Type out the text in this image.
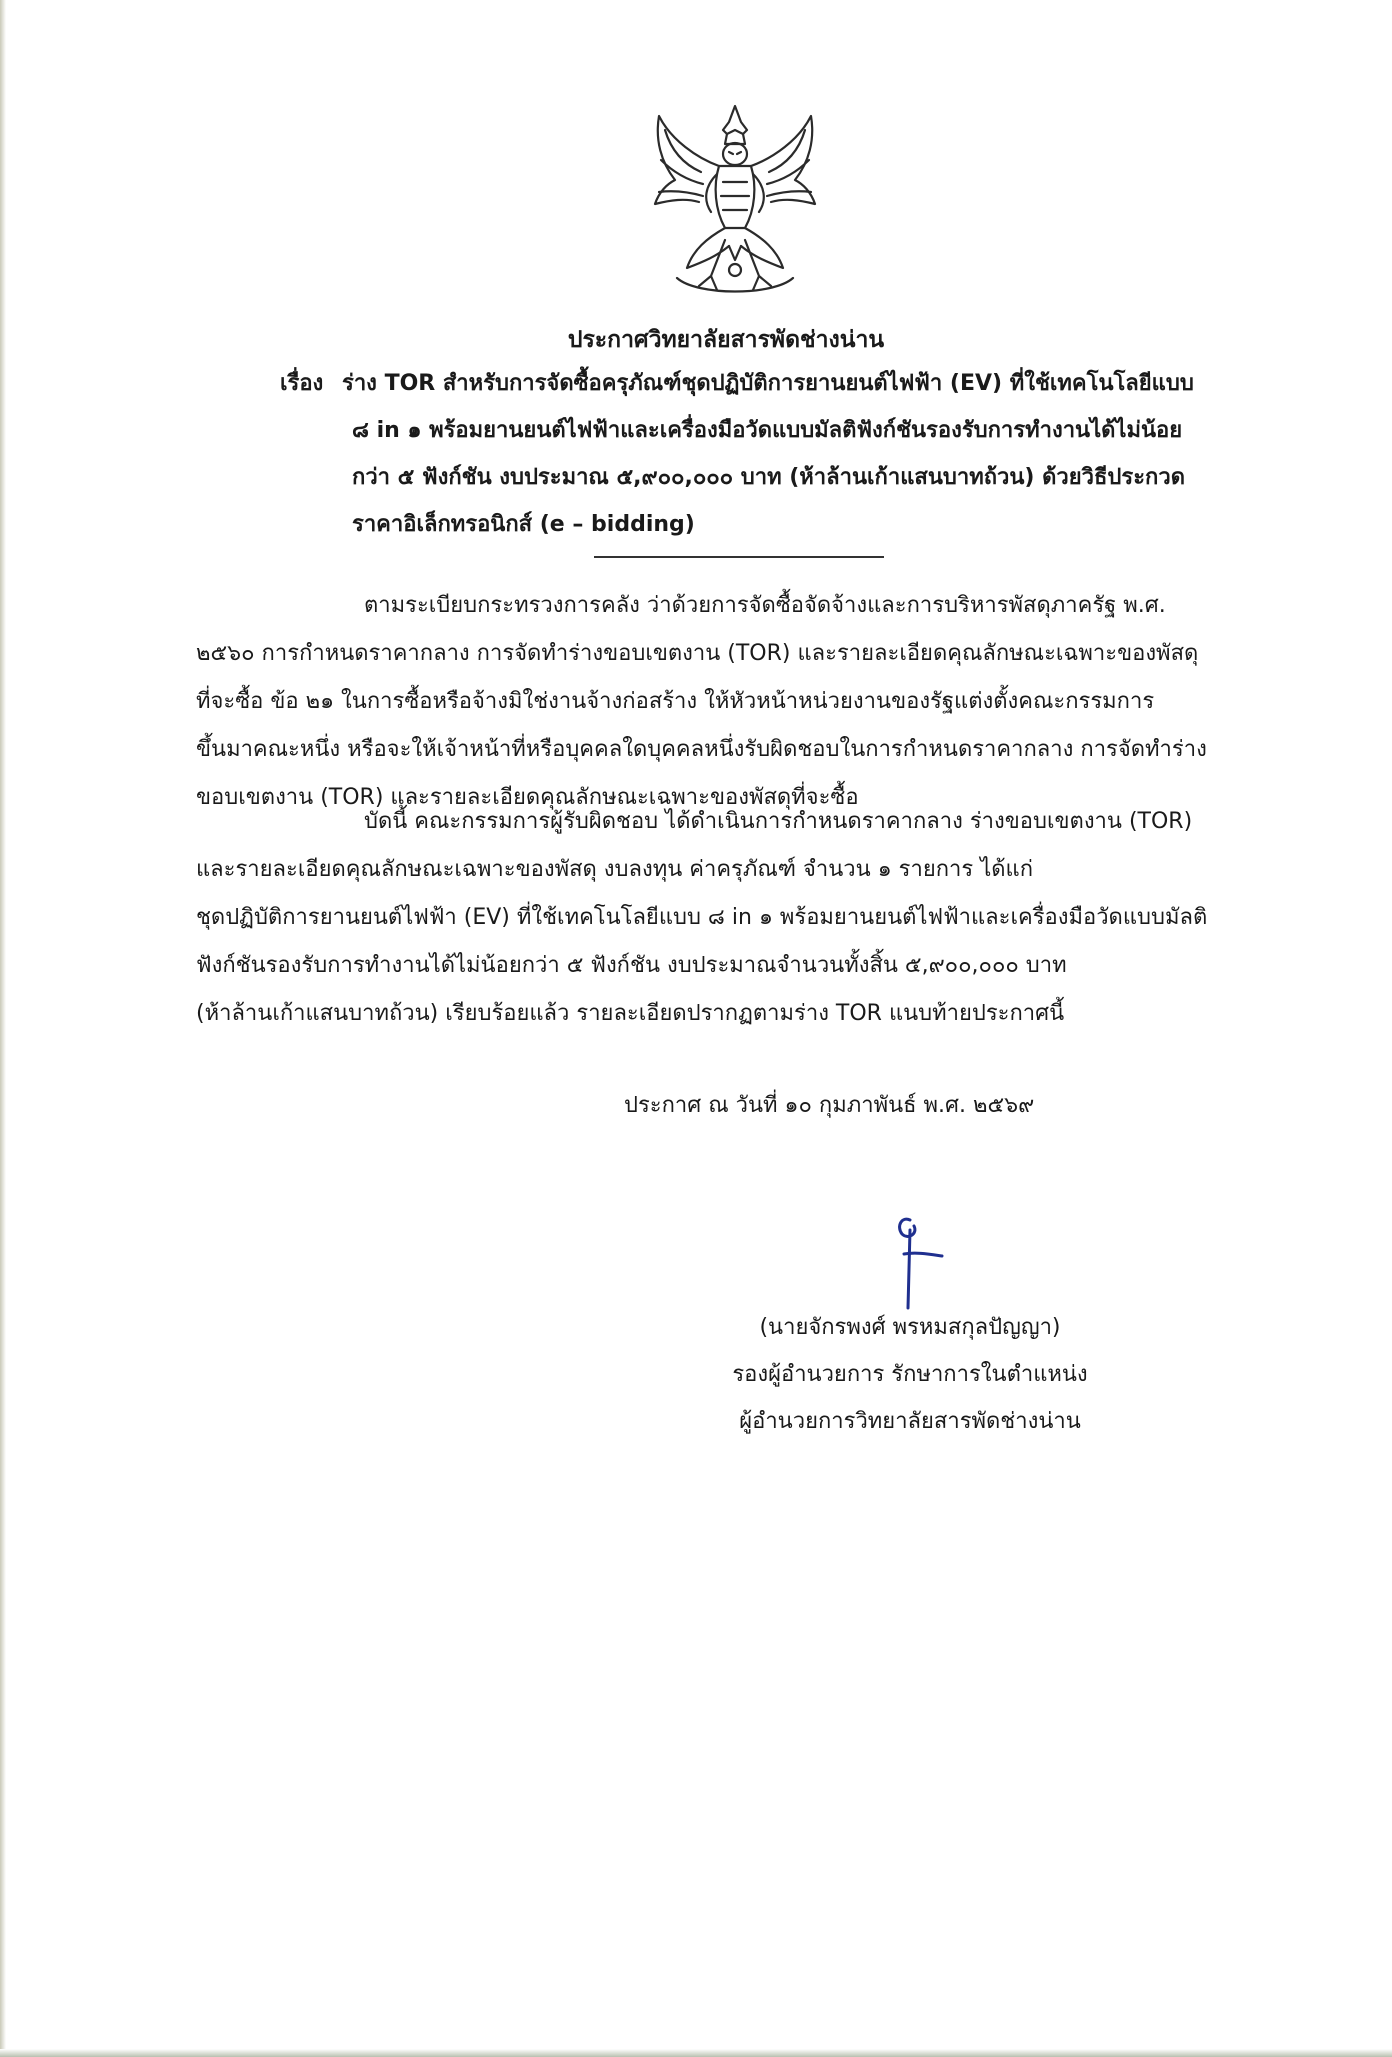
ประกาศวิทยาลัยสารพัดช่างน่าน
เรื่อง ร่าง TOR สำหรับการจัดซื้อครุภัณฑ์ชุดปฏิบัติการยานยนต์ไฟฟ้า (EV) ที่ใช้เทคโนโลยีแบบ
๘ in ๑ พร้อมยานยนต์ไฟฟ้าและเครื่องมือวัดแบบมัลติฟังก์ชันรองรับการทำงานได้ไม่น้อย
กว่า ๕ ฟังก์ชัน งบประมาณ ๕,๙๐๐,๐๐๐ บาท (ห้าล้านเก้าแสนบาทถ้วน) ด้วยวิธีประกวด
ราคาอิเล็กทรอนิกส์ (e – bidding)
ตามระเบียบกระทรวงการคลัง ว่าด้วยการจัดซื้อจัดจ้างและการบริหารพัสดุภาครัฐ พ.ศ.
๒๕๖๐ การกำหนดราคากลาง การจัดทำร่างขอบเขตงาน (TOR) และรายละเอียดคุณลักษณะเฉพาะของพัสดุ
ที่จะซื้อ ข้อ ๒๑ ในการซื้อหรือจ้างมิใช่งานจ้างก่อสร้าง ให้หัวหน้าหน่วยงานของรัฐแต่งตั้งคณะกรรมการ
ขึ้นมาคณะหนึ่ง หรือจะให้เจ้าหน้าที่หรือบุคคลใดบุคคลหนึ่งรับผิดชอบในการกำหนดราคากลาง การจัดทำร่าง
ขอบเขตงาน (TOR) และรายละเอียดคุณลักษณะเฉพาะของพัสดุที่จะซื้อ
บัดนี้ คณะกรรมการผู้รับผิดชอบ ได้ดำเนินการกำหนดราคากลาง ร่างขอบเขตงาน (TOR)
และรายละเอียดคุณลักษณะเฉพาะของพัสดุ งบลงทุน ค่าครุภัณฑ์ จำนวน ๑ รายการ ได้แก่
ชุดปฏิบัติการยานยนต์ไฟฟ้า (EV) ที่ใช้เทคโนโลยีแบบ ๘ in ๑ พร้อมยานยนต์ไฟฟ้าและเครื่องมือวัดแบบมัลติ
ฟังก์ชันรองรับการทำงานได้ไม่น้อยกว่า ๕ ฟังก์ชัน งบประมาณจำนวนทั้งสิ้น ๕,๙๐๐,๐๐๐ บาท
(ห้าล้านเก้าแสนบาทถ้วน) เรียบร้อยแล้ว รายละเอียดปรากฏตามร่าง TOR แนบท้ายประกาศนี้
ประกาศ ณ วันที่ ๑๐ กุมภาพันธ์ พ.ศ. ๒๕๖๙
(นายจักรพงศ์ พรหมสกุลปัญญา)
รองผู้อำนวยการ รักษาการในตำแหน่ง
ผู้อำนวยการวิทยาลัยสารพัดช่างน่าน
